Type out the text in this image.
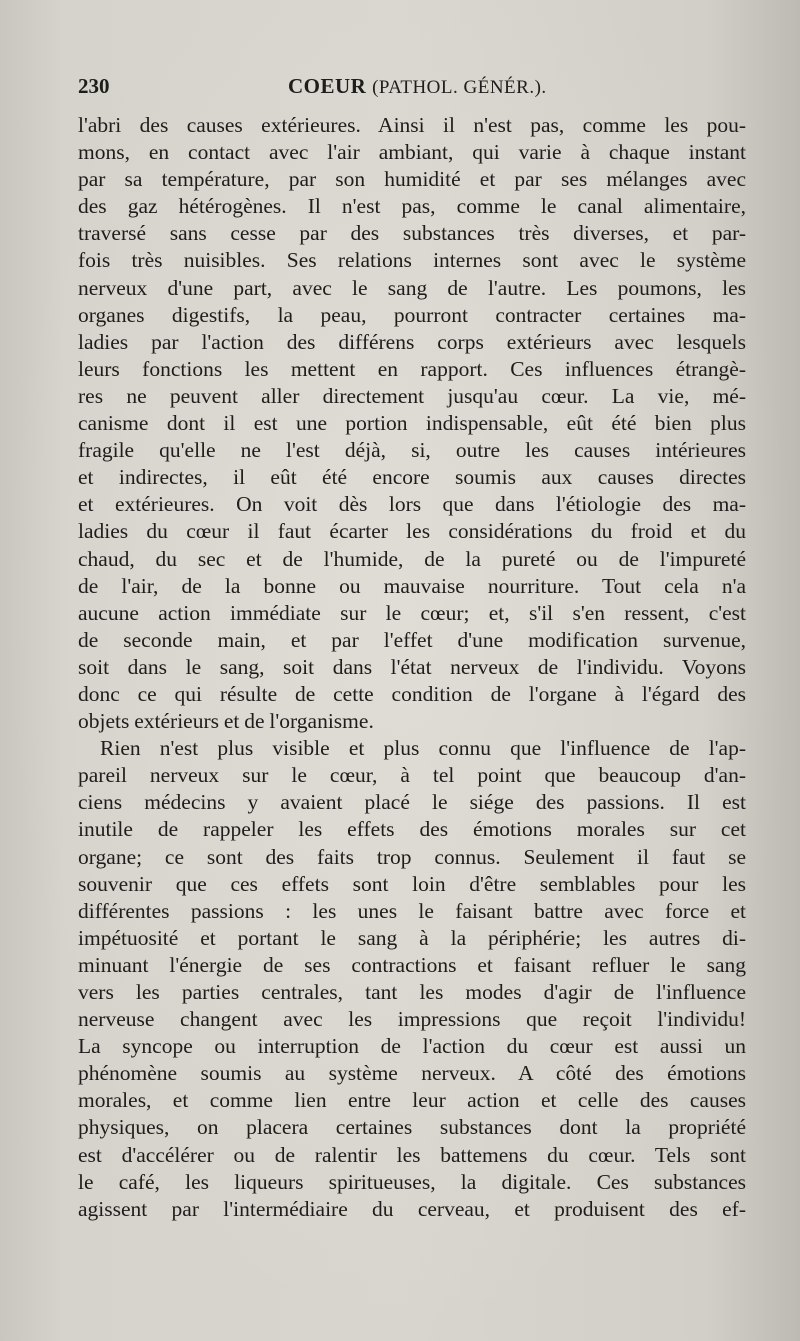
230	COEUR (PATHOL. GÉNÉR.).
l'abri des causes extérieures. Ainsi il n'est pas, comme les pou-
mons, en contact avec l'air ambiant, qui varie à chaque instant
par sa température, par son humidité et par ses mélanges avec
des gaz hétérogènes. Il n'est pas, comme le canal alimentaire,
traversé sans cesse par des substances très diverses, et par-
fois très nuisibles. Ses relations internes sont avec le système
nerveux d'une part, avec le sang de l'autre. Les poumons, les
organes digestifs, la peau, pourront contracter certaines ma-
ladies par l'action des différens corps extérieurs avec lesquels
leurs fonctions les mettent en rapport. Ces influences étrangè-
res ne peuvent aller directement jusqu'au cœur. La vie, mé-
canisme dont il est une portion indispensable, eût été bien plus
fragile qu'elle ne l'est déjà, si, outre les causes intérieures
et indirectes, il eût été encore soumis aux causes directes
et extérieures. On voit dès lors que dans l'étiologie des ma-
ladies du cœur il faut écarter les considérations du froid et du
chaud, du sec et de l'humide, de la pureté ou de l'impureté
de l'air, de la bonne ou mauvaise nourriture. Tout cela n'a
aucune action immédiate sur le cœur; et, s'il s'en ressent, c'est
de seconde main, et par l'effet d'une modification survenue,
soit dans le sang, soit dans l'état nerveux de l'individu. Voyons
donc ce qui résulte de cette condition de l'organe à l'égard des
objets extérieurs et de l'organisme.
Rien n'est plus visible et plus connu que l'influence de l'ap-
pareil nerveux sur le cœur, à tel point que beaucoup d'an-
ciens médecins y avaient placé le siége des passions. Il est
inutile de rappeler les effets des émotions morales sur cet
organe; ce sont des faits trop connus. Seulement il faut se
souvenir que ces effets sont loin d'être semblables pour les
différentes passions : les unes le faisant battre avec force et
impétuosité et portant le sang à la périphérie; les autres di-
minuant l'énergie de ses contractions et faisant refluer le sang
vers les parties centrales, tant les modes d'agir de l'influence
nerveuse changent avec les impressions que reçoit l'individu!
La syncope ou interruption de l'action du cœur est aussi un
phénomène soumis au système nerveux. A côté des émotions
morales, et comme lien entre leur action et celle des causes
physiques, on placera certaines substances dont la propriété
est d'accélérer ou de ralentir les battemens du cœur. Tels sont
le café, les liqueurs spiritueuses, la digitale. Ces substances
agissent par l'intermédiaire du cerveau, et produisent des ef-
